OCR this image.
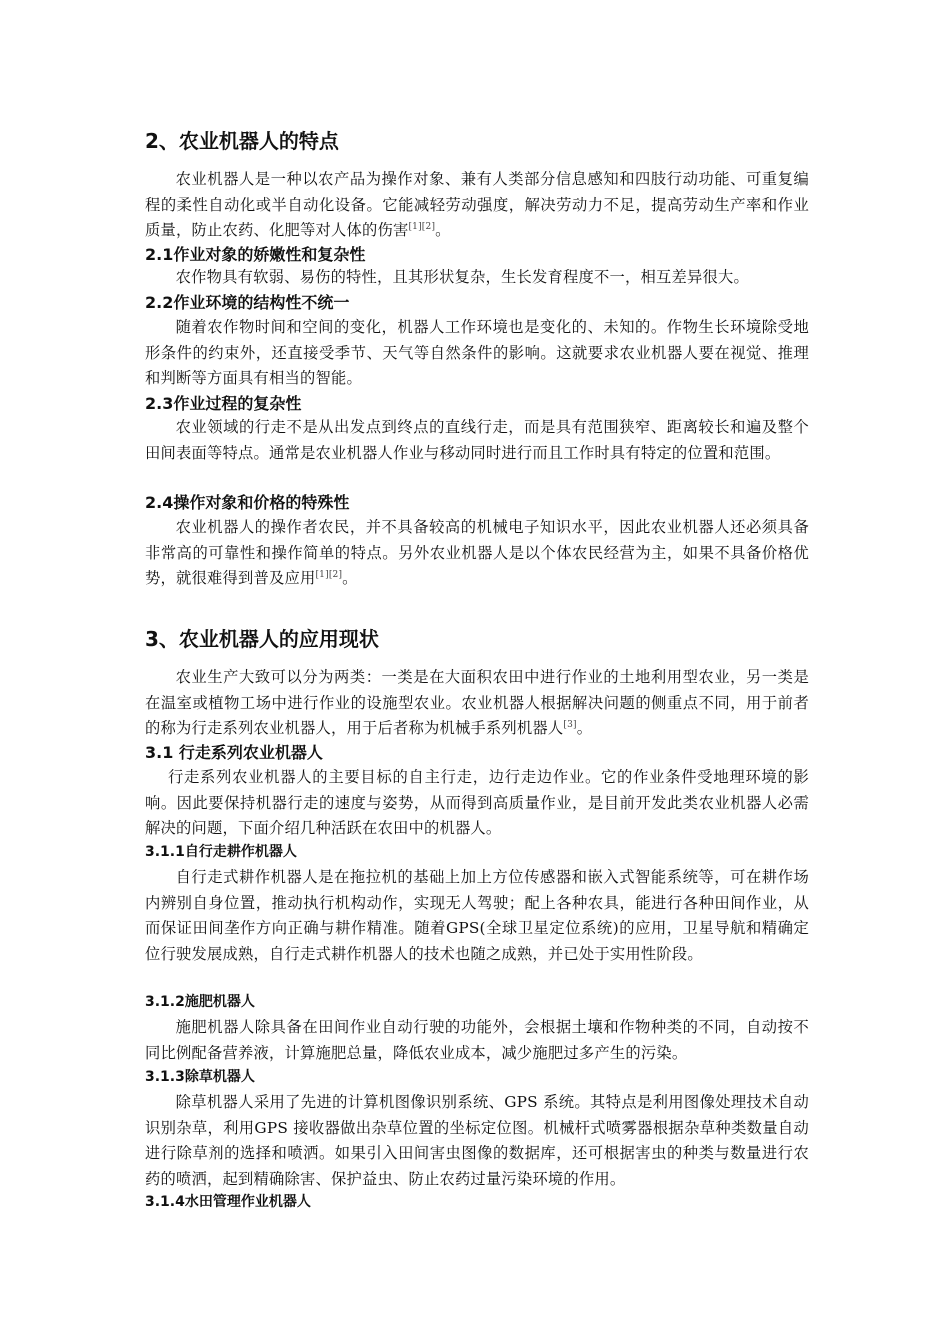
2、农业机器人的特点
农业机器人是一种以农产品为操作对象、兼有人类部分信息感知和四肢行动功能、可重复编程的柔性自动化或半自动化设备。它能减轻劳动强度，解决劳动力不足，提高劳动生产率和作业质量，防止农药、化肥等对人体的伤害[1][2]。
2.1作业对象的娇嫩性和复杂性
农作物具有软弱、易伤的特性，且其形状复杂，生长发育程度不一，相互差异很大。
2.2作业环境的结构性不统一
随着农作物时间和空间的变化，机器人工作环境也是变化的、未知的。作物生长环境除受地形条件的约束外，还直接受季节、天气等自然条件的影响。这就要求农业机器人要在视觉、推理和判断等方面具有相当的智能。
2.3作业过程的复杂性
农业领域的行走不是从出发点到终点的直线行走，而是具有范围狭窄、距离较长和遍及整个田间表面等特点。通常是农业机器人作业与移动同时进行而且工作时具有特定的位置和范围。
2.4操作对象和价格的特殊性
农业机器人的操作者农民，并不具备较高的机械电子知识水平，因此农业机器人还必须具备非常高的可靠性和操作简单的特点。另外农业机器人是以个体农民经营为主，如果不具备价格优势，就很难得到普及应用[1][2]。
3、农业机器人的应用现状
农业生产大致可以分为两类：一类是在大面积农田中进行作业的土地利用型农业，另一类是在温室或植物工场中进行作业的设施型农业。农业机器人根据解决问题的侧重点不同，用于前者的称为行走系列农业机器人，用于后者称为机械手系列机器人[3]。
3.1 行走系列农业机器人
行走系列农业机器人的主要目标的自主行走，边行走边作业。它的作业条件受地理环境的影响。因此要保持机器行走的速度与姿势，从而得到高质量作业，是目前开发此类农业机器人必需解决的问题，下面介绍几种活跃在农田中的机器人。
3.1.1自行走耕作机器人
自行走式耕作机器人是在拖拉机的基础上加上方位传感器和嵌入式智能系统等，可在耕作场内辨别自身位置，推动执行机构动作，实现无人驾驶；配上各种农具，能进行各种田间作业，从而保证田间垄作方向正确与耕作精准。随着GPS(全球卫星定位系统)的应用，卫星导航和精确定位行驶发展成熟，自行走式耕作机器人的技术也随之成熟，并已处于实用性阶段。
3.1.2施肥机器人
施肥机器人除具备在田间作业自动行驶的功能外，会根据土壤和作物种类的不同，自动按不同比例配备营养液，计算施肥总量，降低农业成本，减少施肥过多产生的污染。
3.1.3除草机器人
除草机器人采用了先进的计算机图像识别系统、GPS 系统。其特点是利用图像处理技术自动识别杂草，利用GPS 接收器做出杂草位置的坐标定位图。机械杆式喷雾器根据杂草种类数量自动进行除草剂的选择和喷洒。如果引入田间害虫图像的数据库，还可根据害虫的种类与数量进行农药的喷洒，起到精确除害、保护益虫、防止农药过量污染环境的作用。
3.1.4水田管理作业机器人
